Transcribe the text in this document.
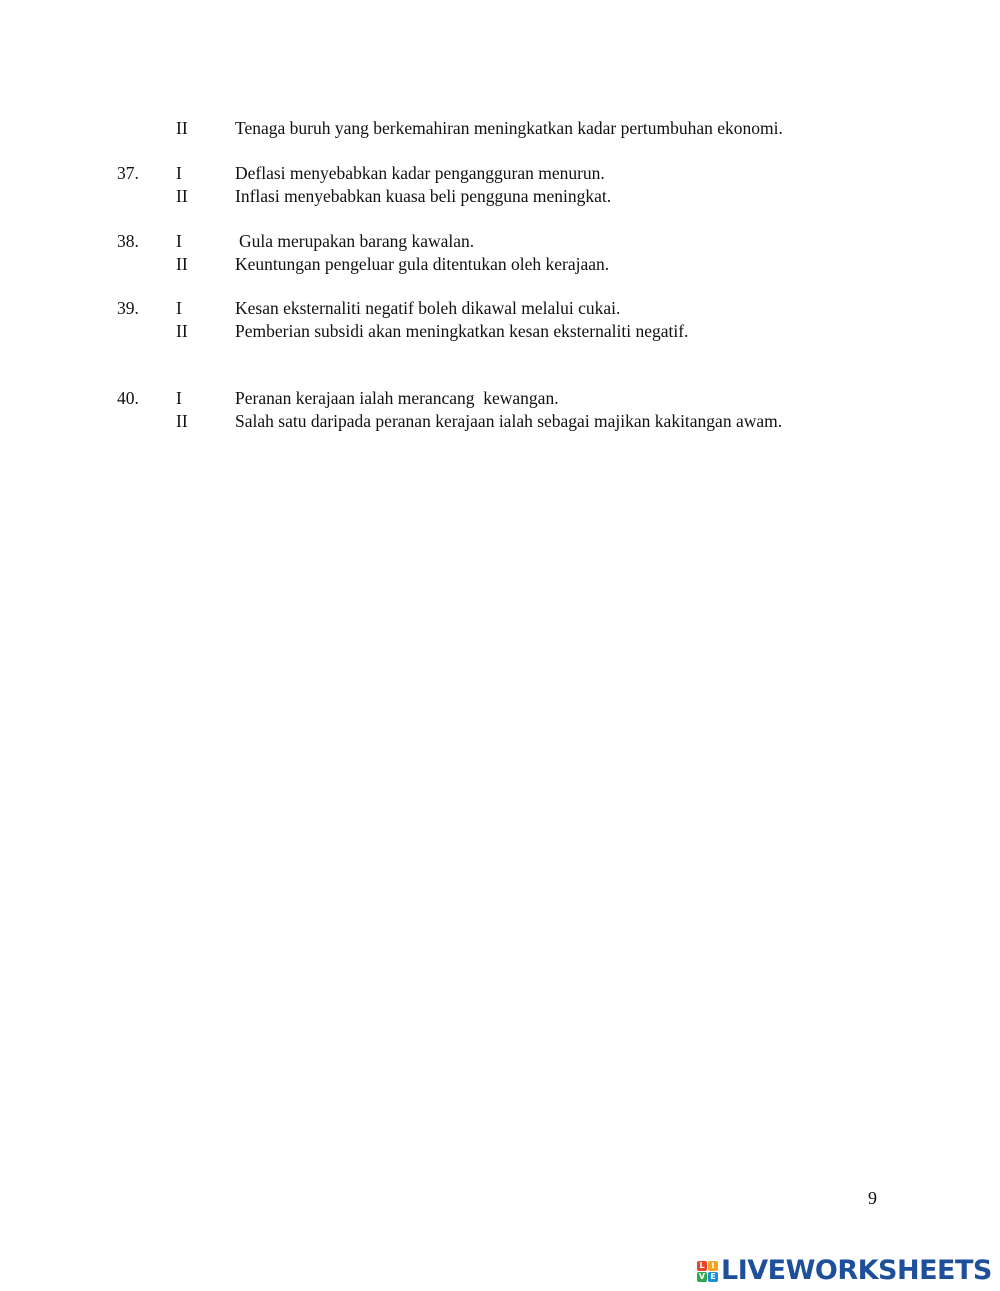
II	Tenaga buruh yang berkemahiran meningkatkan kadar pertumbuhan ekonomi.
37. I	Deflasi menyebabkan kadar pengangguran menurun.
II	Inflasi menyebabkan kuasa beli pengguna meningkat.
38. I	Gula merupakan barang kawalan.
II	Keuntungan pengeluar gula ditentukan oleh kerajaan.
39. I	Kesan eksternaliti negatif boleh dikawal melalui cukai.
II	Pemberian subsidi akan meningkatkan kesan eksternaliti negatif.
40. I	Peranan kerajaan ialah merancang  kewangan.
II	Salah satu daripada peranan kerajaan ialah sebagai majikan kakitangan awam.
9
L I
V E LIVEWORKSHEETS
